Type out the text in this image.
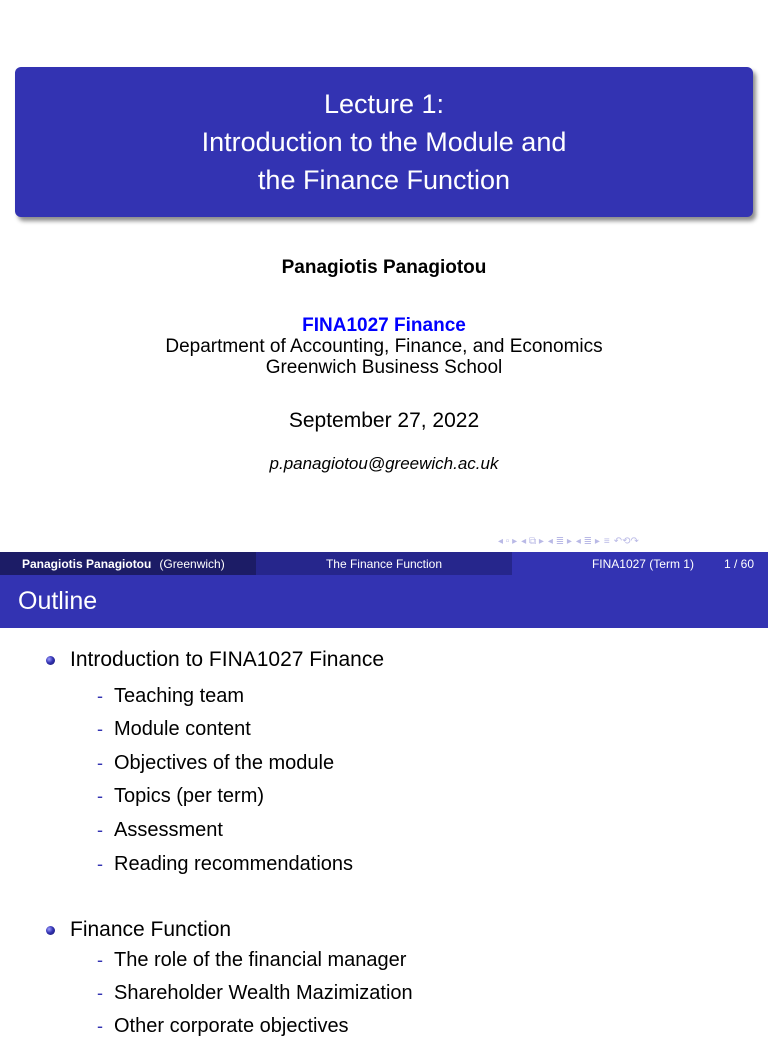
Lecture 1:
Introduction to the Module and
the Finance Function
Panagiotis Panagiotou
FINA1027 Finance
Department of Accounting, Finance, and Economics
Greenwich Business School
September 27, 2022
p.panagiotou@greewich.ac.uk
◂ ▫ ▸ ◂ ⧉ ▸ ◂ ≣ ▸ ◂ ≣ ▸ ≡ ↶⟲↷
Panagiotis Panagiotou (Greenwich)	The Finance Function	FINA1027 (Term 1)	1 / 60
Outline
Introduction to FINA1027 Finance
- Teaching team
- Module content
- Objectives of the module
- Topics (per term)
- Assessment
- Reading recommendations
Finance Function
- The role of the financial manager
- Shareholder Wealth Mazimization
- Other corporate objectives
